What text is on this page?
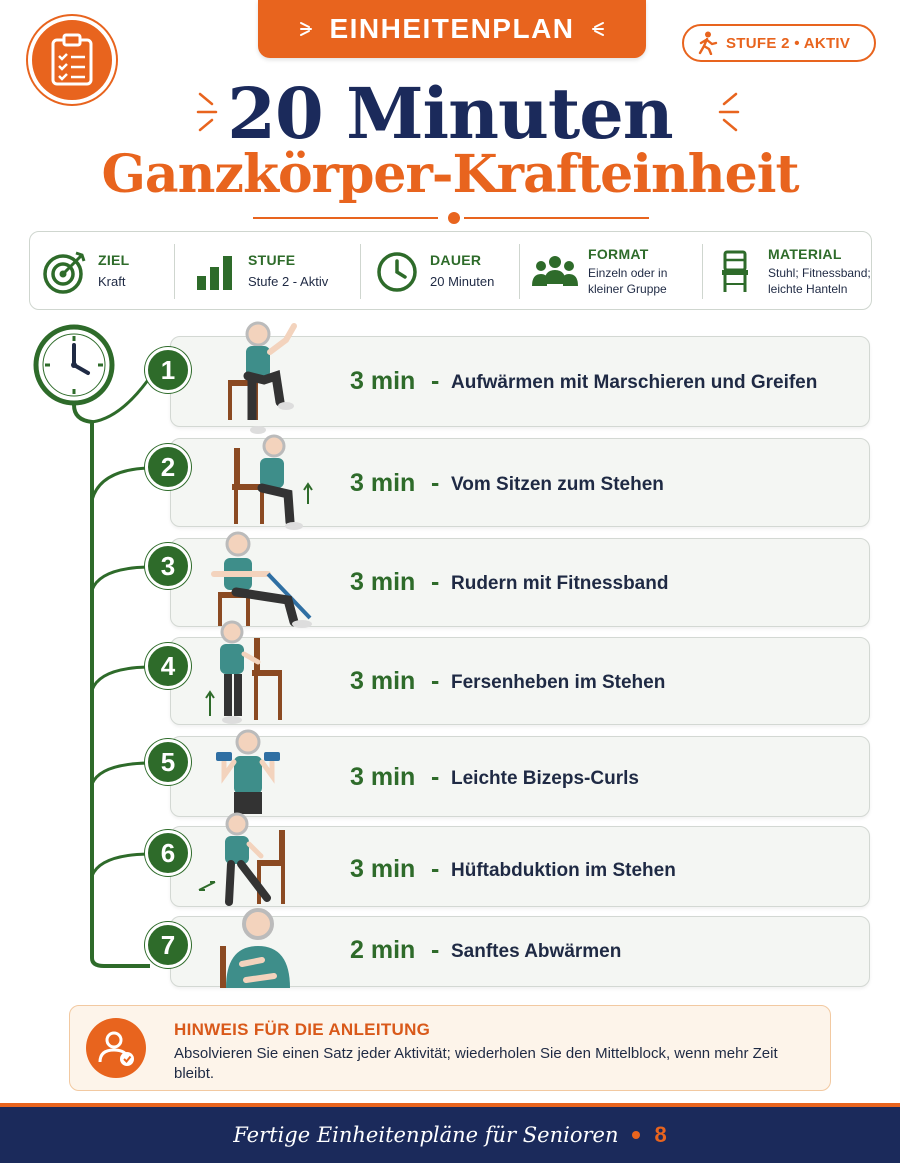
EINHEITENPLAN	STUFE 2 • AKTIV
20 Minuten
Ganzkörper-Krafteinheit
ZIEL
Kraft
STUFE
Stufe 2 - Aktiv
DAUER
20 Minuten
FORMAT
Einzeln oder in
kleiner Gruppe
MATERIAL
Stuhl; Fitnessband;
leichte Hanteln
1	3 min - Aufwärmen mit Marschieren und Greifen
2
3 min - Vom Sitzen zum Stehen
3
3 min - Rudern mit Fitnessband
4
3 min - Fersenheben im Stehen
5
3 min - Leichte Bizeps-Curls
6
3 min - Hüftabduktion im Stehen
7	2 min - Sanftes Abwärmen
HINWEIS FÜR DIE ANLEITUNG
Absolvieren Sie einen Satz jeder Aktivität; wiederholen Sie den Mittelblock, wenn mehr Zeit bleibt.
Fertige Einheitenpläne für Senioren 8
